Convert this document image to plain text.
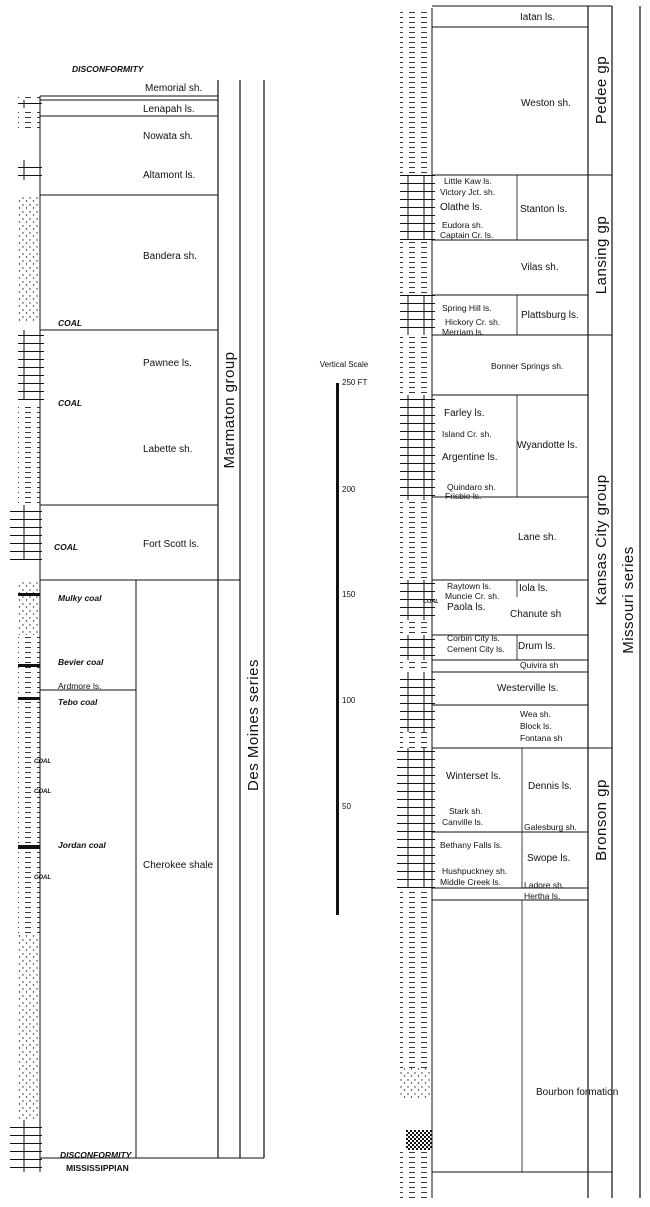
DISCONFORMITY
Memorial sh.
Lenapah ls.
Nowata sh.
Altamont ls.
Bandera sh.
Pawnee ls.
Labette sh.
Fort Scott ls.
Cherokee shale
COAL
COAL
COAL
Mulky coal
Bevier coal
Ardmore ls.
Tebo coal
Jordan coal
COAL
COAL
COAL
DISCONFORMITY
MISSISSIPPIAN
Marmaton group
Des Moines series
Vertical Scale
250 FT
200
150
100
50
Iatan ls.
Weston sh.
Little Kaw ls.
Victory Jct. sh.
Olathe ls.
Eudora sh.
Captain Cr. ls.
Stanton ls.
Vilas sh.
Spring Hill ls.
Hickory Cr. sh.
Merriam ls.
Plattsburg ls.
Bonner Springs sh.
Farley ls.
Island Cr. sh.
Argentine ls.
Quindaro sh.
Frisbie ls.
Wyandotte ls.
Lane sh.
Raytown ls.
Muncie Cr. sh.
Paola ls.
Iola ls.
Chanute sh
Corbin City ls.
Cement City ls. Drum ls.
Quivira sh
Westerville ls.
Wea sh.
Block ls.
Fontana sh
Winterset ls.
Stark sh.
Canville ls.
Dennis ls.
Galesburg sh.
Bethany Falls ls.
Hushpuckney sh.
Middle Creek ls.
Swope ls.
Ladore sh.
Hertha ls.
Bourbon formation
COAL
Pedee gp
Lansing gp
Kansas City group
Bronson gp
Missouri series
